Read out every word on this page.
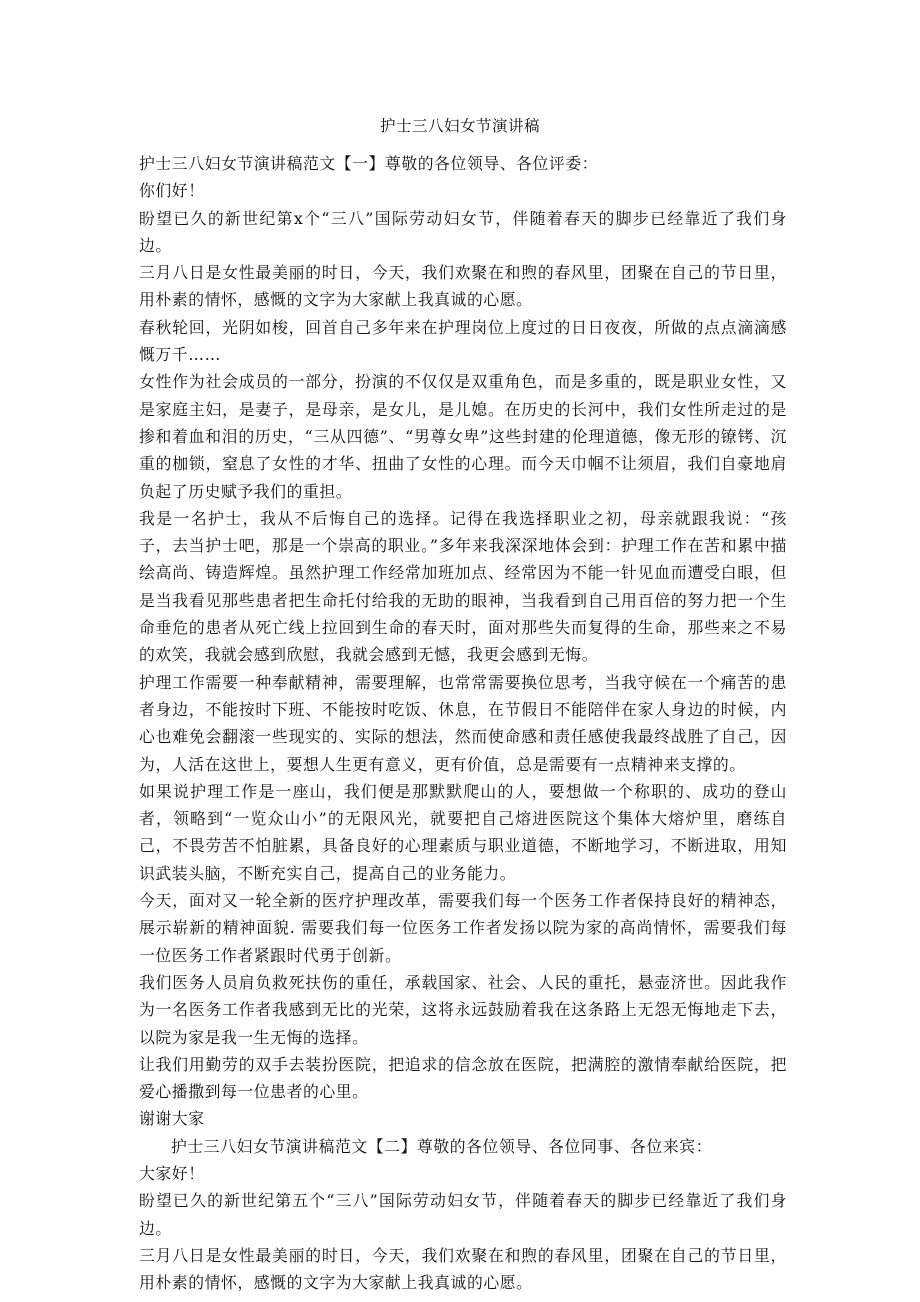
护士三八妇女节演讲稿

护士三八妇女节演讲稿范文【一】尊敬的各位领导、各位评委：

你们好！

盼望已久的新世纪第x个“三八”国际劳动妇女节，伴随着春天的脚步已经靠近了我们身边。

三月八日是女性最美丽的时日，今天，我们欢聚在和煦的春风里，团聚在自己的节日里，用朴素的情怀，感慨的文字为大家献上我真诚的心愿。

春秋轮回，光阴如梭，回首自己多年来在护理岗位上度过的日日夜夜，所做的点点滴滴感慨万千……

女性作为社会成员的一部分，扮演的不仅仅是双重角色，而是多重的，既是职业女性，又是家庭主妇，是妻子，是母亲，是女儿，是儿媳。在历史的长河中，我们女性所走过的是掺和着血和泪的历史，“三从四德”、“男尊女卑”这些封建的伦理道德，像无形的镣铐、沉重的枷锁，窒息了女性的才华、扭曲了女性的心理。而今天巾帼不让须眉，我们自豪地肩负起了历史赋予我们的重担。

我是一名护士，我从不后悔自己的选择。记得在我选择职业之初，母亲就跟我说：“孩子，去当护士吧，那是一个崇高的职业。”多年来我深深地体会到：护理工作在苦和累中描绘高尚、铸造辉煌。虽然护理工作经常加班加点、经常因为不能一针见血而遭受白眼，但是当我看见那些患者把生命托付给我的无助的眼神，当我看到自己用百倍的努力把一个生命垂危的患者从死亡线上拉回到生命的春天时，面对那些失而复得的生命，那些来之不易的欢笑，我就会感到欣慰，我就会感到无憾，我更会感到无悔。

护理工作需要一种奉献精神，需要理解，也常常需要换位思考，当我守候在一个痛苦的患者身边，不能按时下班、不能按时吃饭、休息，在节假日不能陪伴在家人身边的时候，内心也难免会翻滚一些现实的、实际的想法，然而使命感和责任感使我最终战胜了自己，因为，人活在这世上，要想人生更有意义，更有价值，总是需要有一点精神来支撑的。

如果说护理工作是一座山，我们便是那默默爬山的人，要想做一个称职的、成功的登山者，领略到“一览众山小”的无限风光，就要把自己熔进医院这个集体大熔炉里，磨练自己，不畏劳苦不怕脏累，具备良好的心理素质与职业道德，不断地学习，不断进取，用知识武装头脑，不断充实自己，提高自己的业务能力。

今天，面对又一轮全新的医疗护理改革，需要我们每一个医务工作者保持良好的精神态，展示崭新的精神面貌. 需要我们每一位医务工作者发扬以院为家的高尚情怀，需要我们每一位医务工作者紧跟时代勇于创新。

我们医务人员肩负救死扶伤的重任，承载国家、社会、人民的重托，悬壶济世。因此我作为一名医务工作者我感到无比的光荣，这将永远鼓励着我在这条路上无怨无悔地走下去，以院为家是我一生无悔的选择。

让我们用勤劳的双手去装扮医院，把追求的信念放在医院，把满腔的激情奉献给医院，把爱心播撒到每一位患者的心里。

谢谢大家

护士三八妇女节演讲稿范文【二】尊敬的各位领导、各位同事、各位来宾：

大家好！

盼望已久的新世纪第五个“三八”国际劳动妇女节，伴随着春天的脚步已经靠近了我们身边。

三月八日是女性最美丽的时日，今天，我们欢聚在和煦的春风里，团聚在自己的节日里，用朴素的情怀，感慨的文字为大家献上我真诚的心愿。
